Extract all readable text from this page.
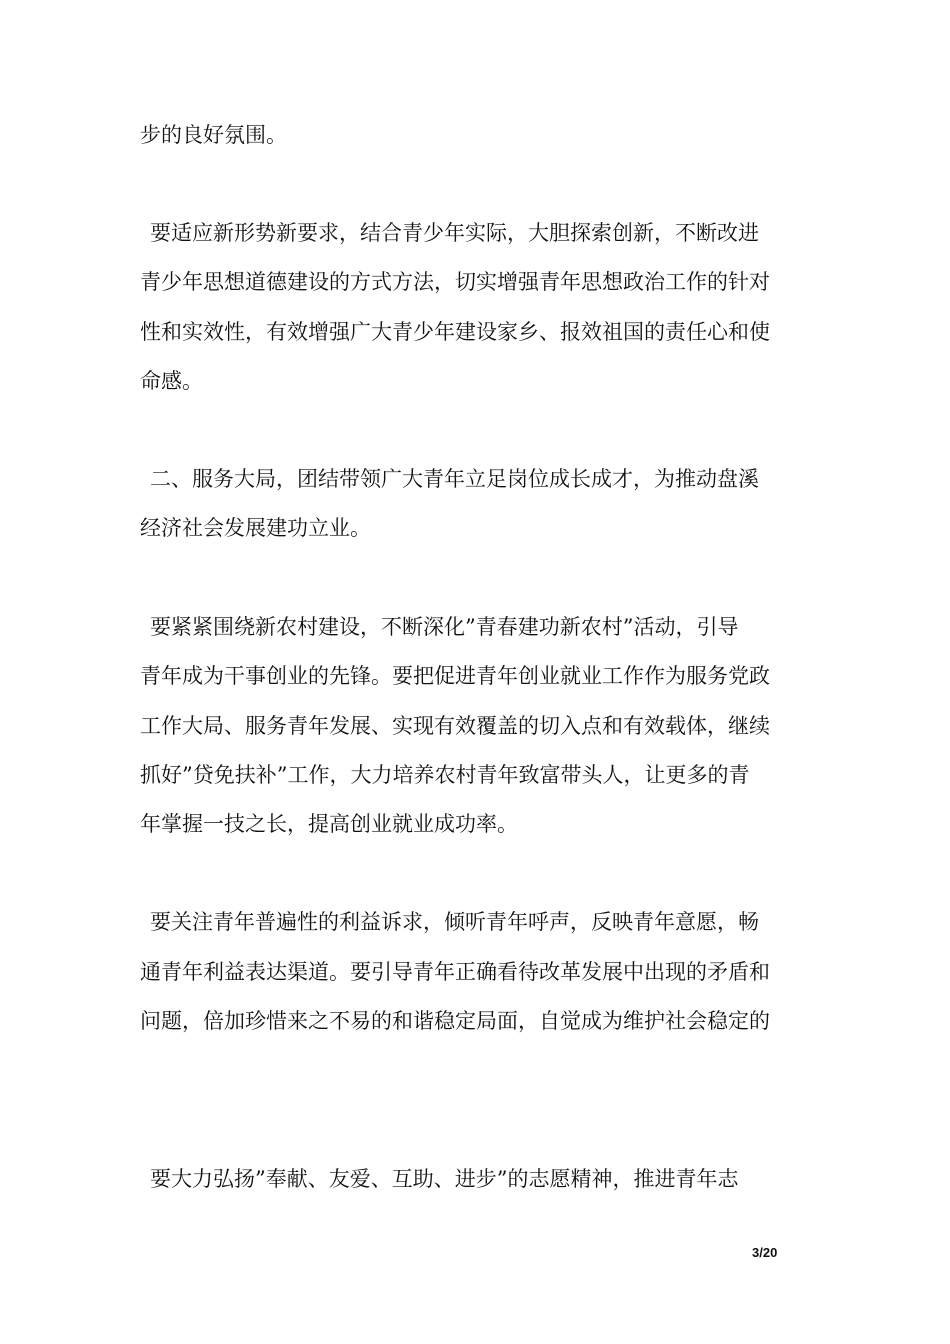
步的良好氛围。
要适应新形势新要求，结合青少年实际，大胆探索创新，不断改进
青少年思想道德建设的方式方法，切实增强青年思想政治工作的针对
性和实效性，有效增强广大青少年建设家乡、报效祖国的责任心和使
命感。
二、服务大局，团结带领广大青年立足岗位成长成才，为推动盘溪
经济社会发展建功立业。
要紧紧围绕新农村建设，不断深化”青春建功新农村”活动，引导
青年成为干事创业的先锋。要把促进青年创业就业工作作为服务党政
工作大局、服务青年发展、实现有效覆盖的切入点和有效载体，继续
抓好”贷免扶补”工作，大力培养农村青年致富带头人，让更多的青
年掌握一技之长，提高创业就业成功率。
要关注青年普遍性的利益诉求，倾听青年呼声，反映青年意愿，畅
通青年利益表达渠道。要引导青年正确看待改革发展中出现的矛盾和
问题，倍加珍惜来之不易的和谐稳定局面，自觉成为维护社会稳定的
要大力弘扬”奉献、友爱、互助、进步”的志愿精神，推进青年志
3/20
